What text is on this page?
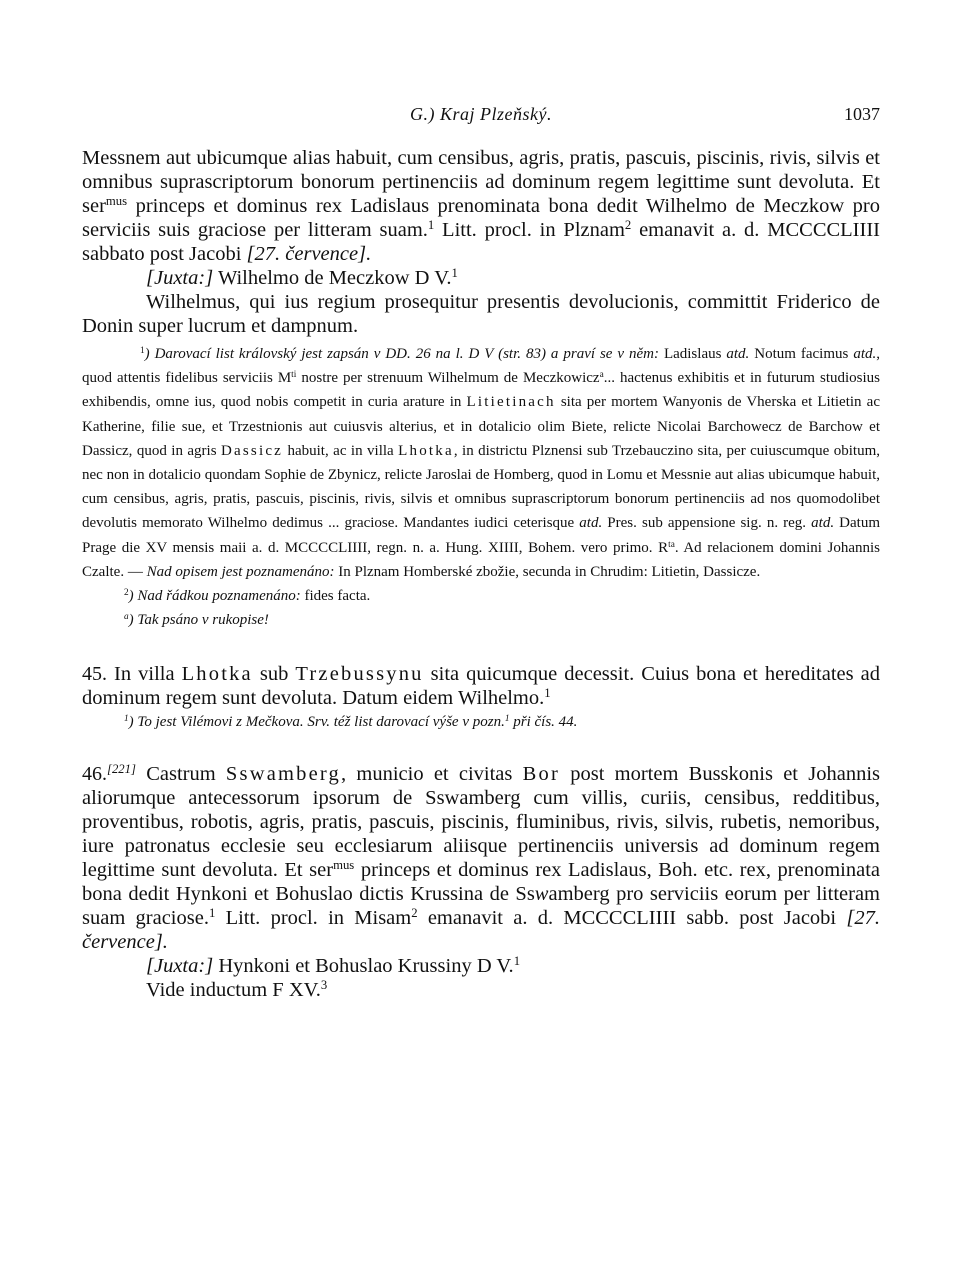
G.) Kraj Plzeňský.	1037

Messnem aut ubicumque alias habuit, cum censibus, agris, pratis, pascuis, piscinis, rivis, silvis et omnibus suprascriptorum bonorum pertinenciis ad dominum regem legittime sunt devoluta. Et ser$^{mus}$ princeps et dominus rex Ladislaus prenominata bona dedit Wilhelmo de Meczkow pro serviciis suis graciose per litteram suam.$^1$ Litt. procl. in Plznam$^2$ emanavit a. d. MCCCCLIIII sabbato post Jacobi [27. července].

[Juxta:] Wilhelmo de Meczkow D V.$^1$

Wilhelmus, qui ius regium prosequitur presentis devolucionis, committit Friderico de Donin super lucrum et dampnum.

$^1$) Darovací list královský jest zapsán v DD. 26 na l. D V (str. 83) a praví se v něm: Ladislaus atd. Notum facimus atd., quod attentis fidelibus serviciis $M^{ti}$ nostre per strenuum Wilhelmum de Meczkowicz$^a$... hactenus exhibitis et in futurum studiosius exhibendis, omne ius, quod nobis competit in curia arature in Litietinach sita per mortem Wanyonis de Vherska et Litietin ac Katherine, filie sue, et Trzestnionis aut cuiusvis alterius, et in dotalicio olim Biete, relicte Nicolai Barchowecz de Barchow et Dassicz, quod in agris Dassicz habuit, ac in villa Lhotka, in districtu Plznensi sub Trzebauczino sita, per cuiuscumque obitum, nec non in dotalicio quondam Sophie de Zbynicz, relicte Jaroslai de Homberg, quod in Lomu et Messnie aut alias ubicumque habuit, cum censibus, agris, pratis, pascuis, piscinis, rivis, silvis et omnibus suprascriptorum bonorum pertinenciis ad nos quomodolibet devolutis memorato Wilhelmo dedimus ... graciose. Mandantes iudici ceterisque atd. Pres. sub appensione sig. n. reg. atd. Datum Prage die XV mensis maii a. d. MCCCCLIIII, regn. n. a. Hung. XIIII, Bohem. vero primo. $R^{ta}$. Ad relacionem domini Johannis Czalte. — Nad opisem jest poznamenáno: In Plznam Homberské zbožie, secunda in Chrudim: Litietin, Dassicze.

$^2$) Nad řádkou poznamenáno: fides facta.

$^a$) Tak psáno v rukopise!

45. In villa Lhotka sub Trzebussynu sita quicumque decessit. Cuius bona et hereditates ad dominum regem sunt devoluta. Datum eidem Wilhelmo.$^1$

$^1$) To jest Vilémovi z Mečkova. Srv. též list darovací výše v pozn.$^1$ při čís. 44.

46.[221] Castrum Sswamberg, municio et civitas Bor post mortem Busskonis et Johannis aliorumque antecessorum ipsorum de Sswamberg cum villis, curiis, censibus, redditibus, proventibus, robotis, agris, pratis, pascuis, piscinis, fluminibus, rivis, silvis, rubetis, nemoribus, iure patronatus ecclesie seu ecclesiarum aliisque pertinenciis universis ad dominum regem legittime sunt devoluta. Et ser$^{mus}$ princeps et dominus rex Ladislaus, Boh. etc. rex, prenominata bona dedit Hynkoni et Bohuslao dictis Krussina de Sswamberg pro serviciis eorum per litteram suam graciose.$^1$ Litt. procl. in Misam$^2$ emanavit a. d. MCCCCLIIII sabb. post Jacobi [27. července].

[Juxta:] Hynkoni et Bohuslao Krussiny D V.$^1$

Vide inductum F XV.$^3$
